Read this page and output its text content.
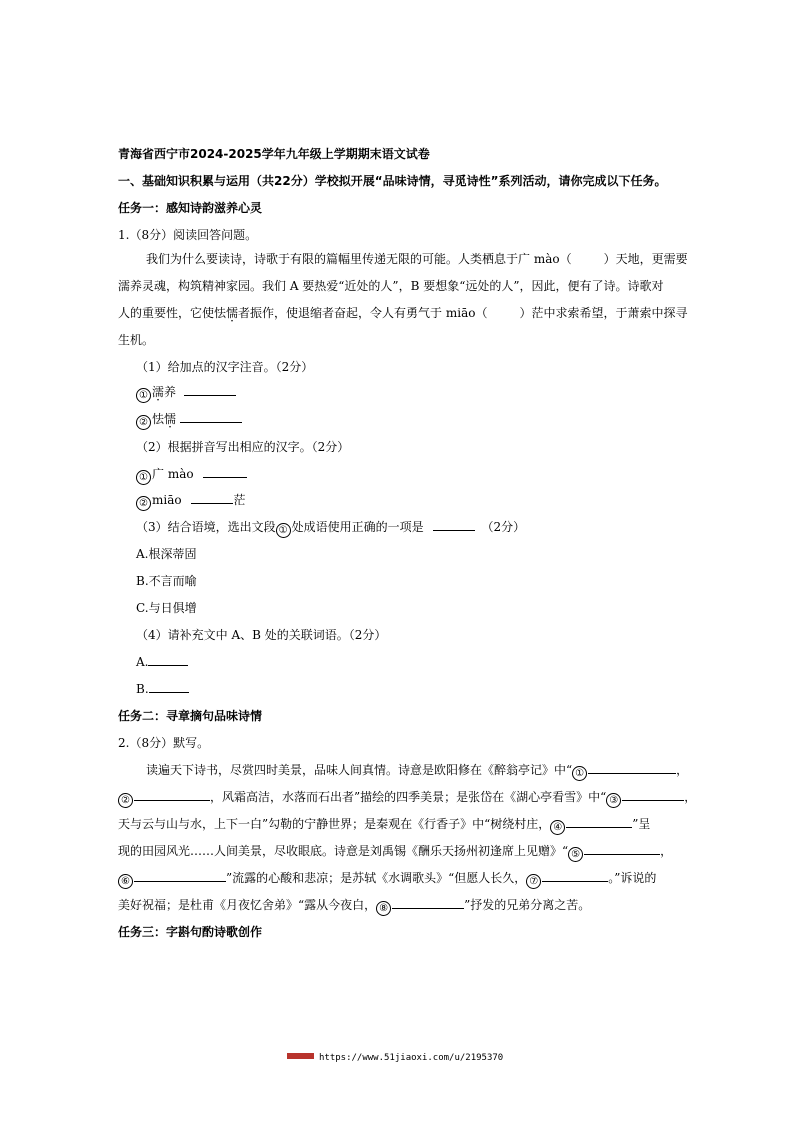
青海省西宁市2024-2025学年九年级上学期期末语文试卷
一、基础知识积累与运用（共22分）学校拟开展“品味诗情，寻觅诗性”系列活动，请你完成以下任务。
任务一：感知诗韵滋养心灵
1.（8分）阅读回答问题。
我们为什么要读诗，诗歌于有限的篇幅里传递无限的可能。人类栖息于广 mào（	）天地，更需要
濡养灵魂，构筑精神家园。我们 A 要热爱“近处的人”，B 要想象“远处的人”，因此，便有了诗。诗歌对
人的重要性，它使怯懦者振作，使退缩者奋起，令人有勇气于 miāo（	）茫中求索希望，于萧索中探寻
生机。
（1）给加点的汉字注音。（2分）
① 濡养
② 怯懦
（2）根据拼音写出相应的汉字。（2分）
① 广 mào
② miāo	茫
（3）结合语境，选出文段 ① 处成语使用正确的一项是	（2分）
A.根深蒂固
B.不言而喻
C.与日俱增
（4）请补充文中 A、B 处的关联词语。（2分）
A.
B.
任务二：寻章摘句品味诗情
2.（8分）默写。
读遍天下诗书，尽赏四时美景，品味人间真情。诗意是欧阳修在《醉翁亭记》中“ ①	，
②	，风霜高洁，水落而石出者”描绘的四季美景；是张岱在《湖心亭看雪》中“ ③	，
天与云与山与水，上下一白”勾勒的宁静世界；是秦观在《行香子》中“树绕村庄， ④	”呈
现的田园风光……人间美景，尽收眼底。诗意是刘禹锡《酬乐天扬州初逢席上见赠》“ ⑤	，
⑥	”流露的心酸和悲凉；是苏轼《水调歌头》“但愿人长久， ⑦	。”诉说的
美好祝福；是杜甫《月夜忆舍弟》“露从今夜白， ⑧	”抒发的兄弟分离之苦。
任务三：字斟句酌诗歌创作
https://www.51jiaoxi.com/u/2195370
